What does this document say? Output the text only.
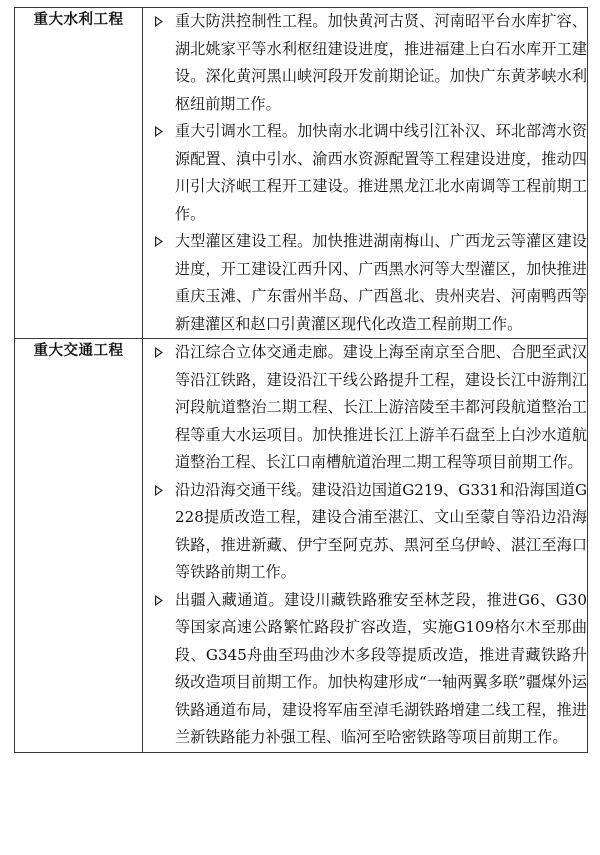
重大水利工程	重大防洪控制性工程。加快黄河古贤、河南昭平台水库扩容、湖北姚家平等水利枢纽建设进度，推进福建上白石水库开工建设。深化黄河黑山峡河段开发前期论证。加快广东黄茅峡水利枢纽前期工作。
重大引调水工程。加快南水北调中线引江补汉、环北部湾水资源配置、滇中引水、渝西水资源配置等工程建设进度，推动四川引大济岷工程开工建设。推进黑龙江北水南调等工程前期工作。
大型灌区建设工程。加快推进湖南梅山、广西龙云等灌区建设进度，开工建设江西升冈、广西黑水河等大型灌区，加快推进重庆玉滩、广东雷州半岛、广西邕北、贵州夹岩、河南鸭西等新建灌区和赵口引黄灌区现代化改造工程前期工作。

重大交通工程	沿江综合立体交通走廊。建设上海至南京至合肥、合肥至武汉等沿江铁路，建设沿江干线公路提升工程，建设长江中游荆江河段航道整治二期工程、长江上游涪陵至丰都河段航道整治工程等重大水运项目。加快推进长江上游羊石盘至上白沙水道航道整治工程、长江口南槽航道治理二期工程等项目前期工作。
沿边沿海交通干线。建设沿边国道G219、G331和沿海国道G228提质改造工程，建设合浦至湛江、文山至蒙自等沿边沿海铁路，推进新藏、伊宁至阿克苏、黑河至乌伊岭、湛江至海口等铁路前期工作。
出疆入藏通道。建设川藏铁路雅安至林芝段，推进G6、G30等国家高速公路繁忙路段扩容改造，实施G109格尔木至那曲段、G345舟曲至玛曲沙木多段等提质改造，推进青藏铁路升级改造项目前期工作。加快构建形成“一轴两翼多联”疆煤外运铁路通道布局，建设将军庙至淖毛湖铁路增建二线工程，推进兰新铁路能力补强工程、临河至哈密铁路等项目前期工作。
